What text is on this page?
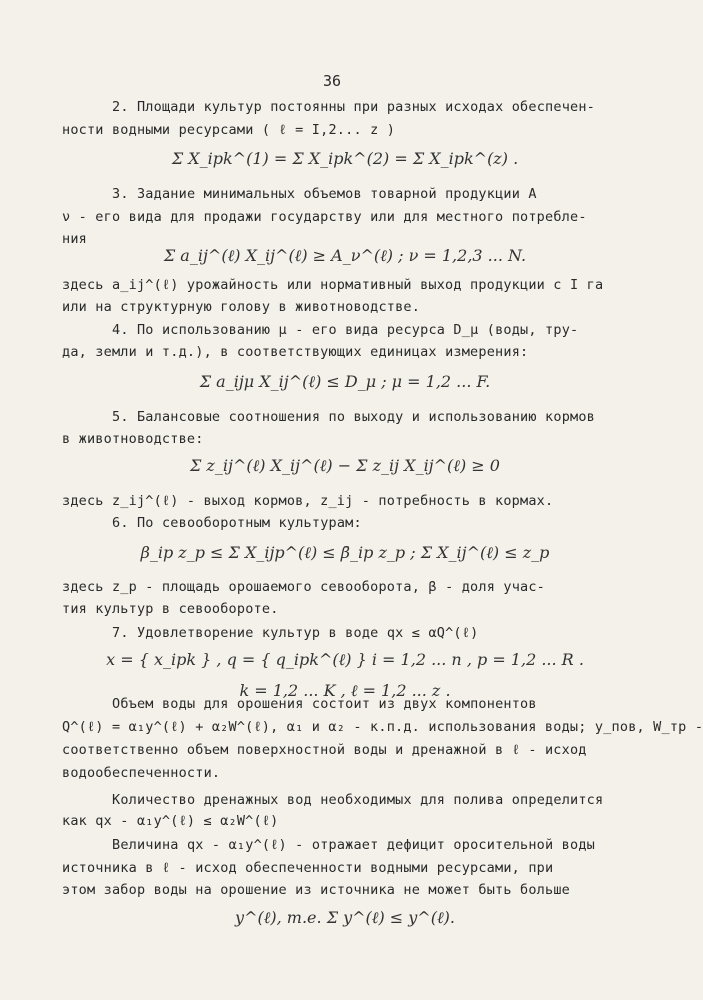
36
2. Площади культур постоянны при разных исходах обеспечен-
ности водными ресурсами ( ℓ = I,2... z )
Σ X_ipk^(1) = Σ X_ipk^(2) = Σ X_ipk^(z) .
3. Задание минимальных объемов товарной продукции A
ν - его вида для продажи государству или для местного потребле-
ния
Σ a_ij^(ℓ) X_ij^(ℓ) ≥ A_ν^(ℓ) ; ν = 1,2,3 ... N.
здесь a_ij^(ℓ) урожайность или нормативный выход продукции с I га
или на структурную голову в животноводстве.
4. По использованию μ - его вида ресурса D_μ (воды, тру-
да, земли и т.д.), в соответствующих единицах измерения:
Σ a_ijμ X_ij^(ℓ) ≤ D_μ ; μ = 1,2 ... F.
5. Балансовые соотношения по выходу и использованию кормов
в животноводстве:
Σ z_ij^(ℓ) X_ij^(ℓ) − Σ z_ij X_ij^(ℓ) ≥ 0
здесь z_ij^(ℓ) - выход кормов, z_ij - потребность в кормах.
6. По севооборотным культурам:
β_ip z_p ≤ Σ X_ijp^(ℓ) ≤ β̄_ip z_p ; Σ X_ij^(ℓ) ≤ z_p
здесь z_p - площадь орошаемого севооборота, β - доля учас-
тия культур в севообороте.
7. Удовлетворение культур в воде qx ≤ αQ^(ℓ)
x = { x_ipk } , q = { q_ipk^(ℓ) } i = 1,2 ... n , p = 1,2 ... R .
k = 1,2 ... K , ℓ = 1,2 ... z .
Объем воды для орошения состоит из двух компонентов
Q^(ℓ) = α₁y^(ℓ) + α₂W^(ℓ), α₁ и α₂ - к.п.д. использования воды; y_пов, W_тр -
соответственно объем поверхностной воды и дренажной в ℓ - исход
водообеспеченности.
Количество дренажных вод необходимых для полива определится
как qx - α₁y^(ℓ) ≤ α₂W^(ℓ)
Величина qx - α₁y^(ℓ) - отражает дефицит оросительной воды
источника в ℓ - исход обеспеченности водными ресурсами, при
этом забор воды на орошение из источника не может быть больше
y^(ℓ), т.е. Σ y^(ℓ) ≤ y^(ℓ).
